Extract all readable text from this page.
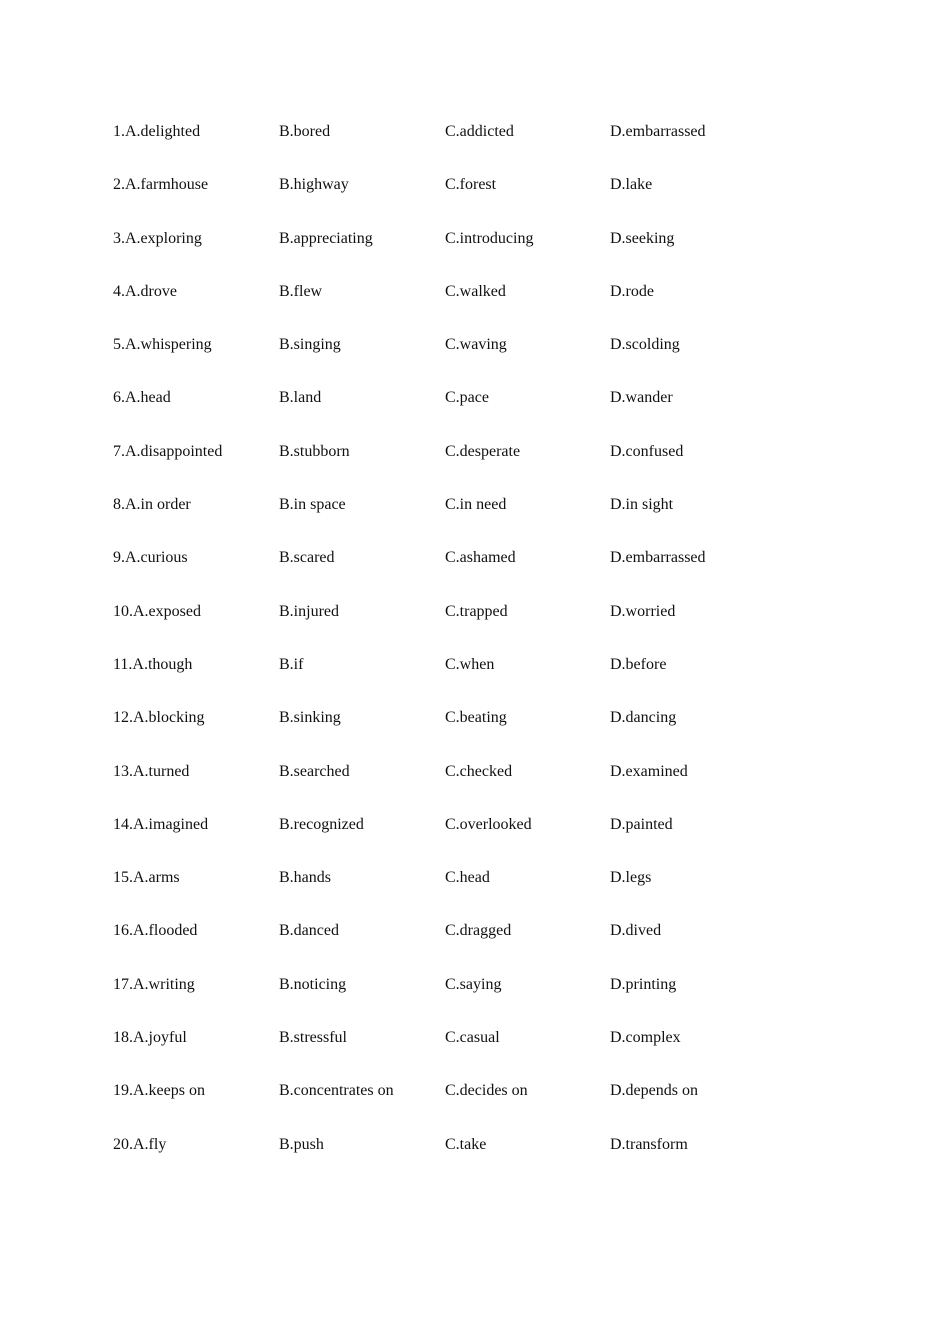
1.A.delighted	B.bored	C.addicted	D.embarrassed
2.A.farmhouse	B.highway	C.forest	D.lake
3.A.exploring	B.appreciating	C.introducing	D.seeking
4.A.drove	B.flew	C.walked	D.rode
5.A.whispering	B.singing	C.waving	D.scolding
6.A.head	B.land	C.pace	D.wander
7.A.disappointed	B.stubborn	C.desperate	D.confused
8.A.in order	B.in space	C.in need	D.in sight
9.A.curious	B.scared	C.ashamed	D.embarrassed
10.A.exposed	B.injured	C.trapped	D.worried
11.A.though	B.if	C.when	D.before
12.A.blocking	B.sinking	C.beating	D.dancing
13.A.turned	B.searched	C.checked	D.examined
14.A.imagined	B.recognized	C.overlooked	D.painted
15.A.arms	B.hands	C.head	D.legs
16.A.flooded	B.danced	C.dragged	D.dived
17.A.writing	B.noticing	C.saying	D.printing
18.A.joyful	B.stressful	C.casual	D.complex
19.A.keeps on	B.concentrates on	C.decides on	D.depends on
20.A.fly	B.push	C.take	D.transform
